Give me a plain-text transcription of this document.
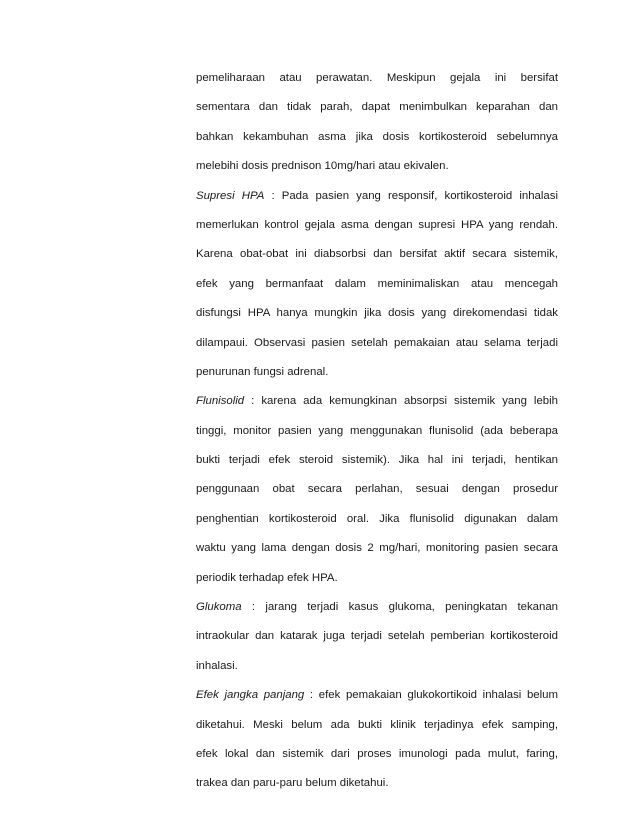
pemeliharaan atau perawatan. Meskipun gejala ini bersifat
sementara dan tidak parah, dapat menimbulkan keparahan dan
bahkan kekambuhan asma jika dosis kortikosteroid sebelumnya
melebihi dosis prednison 10mg/hari atau ekivalen.
Supresi HPA : Pada pasien yang responsif, kortikosteroid inhalasi
memerlukan kontrol gejala asma dengan supresi HPA yang rendah.
Karena obat-obat ini diabsorbsi dan bersifat aktif secara sistemik,
efek yang bermanfaat dalam meminimaliskan atau mencegah
disfungsi HPA hanya mungkin jika dosis yang direkomendasi tidak
dilampaui. Observasi pasien setelah pemakaian atau selama terjadi
penurunan fungsi adrenal.
Flunisolid : karena ada kemungkinan absorpsi sistemik yang lebih
tinggi, monitor pasien yang menggunakan flunisolid (ada beberapa
bukti terjadi efek steroid sistemik). Jika hal ini terjadi, hentikan
penggunaan obat secara perlahan, sesuai dengan prosedur
penghentian kortikosteroid oral. Jika flunisolid digunakan dalam
waktu yang lama dengan dosis 2 mg/hari, monitoring pasien secara
periodik terhadap efek HPA.
Glukoma : jarang terjadi kasus glukoma, peningkatan tekanan
intraokular dan katarak juga terjadi setelah pemberian kortikosteroid
inhalasi.
Efek jangka panjang : efek pemakaian glukokortikoid inhalasi belum
diketahui. Meski belum ada bukti klinik terjadinya efek samping,
efek lokal dan sistemik dari proses imunologi pada mulut, faring,
trakea dan paru-paru belum diketahui.
